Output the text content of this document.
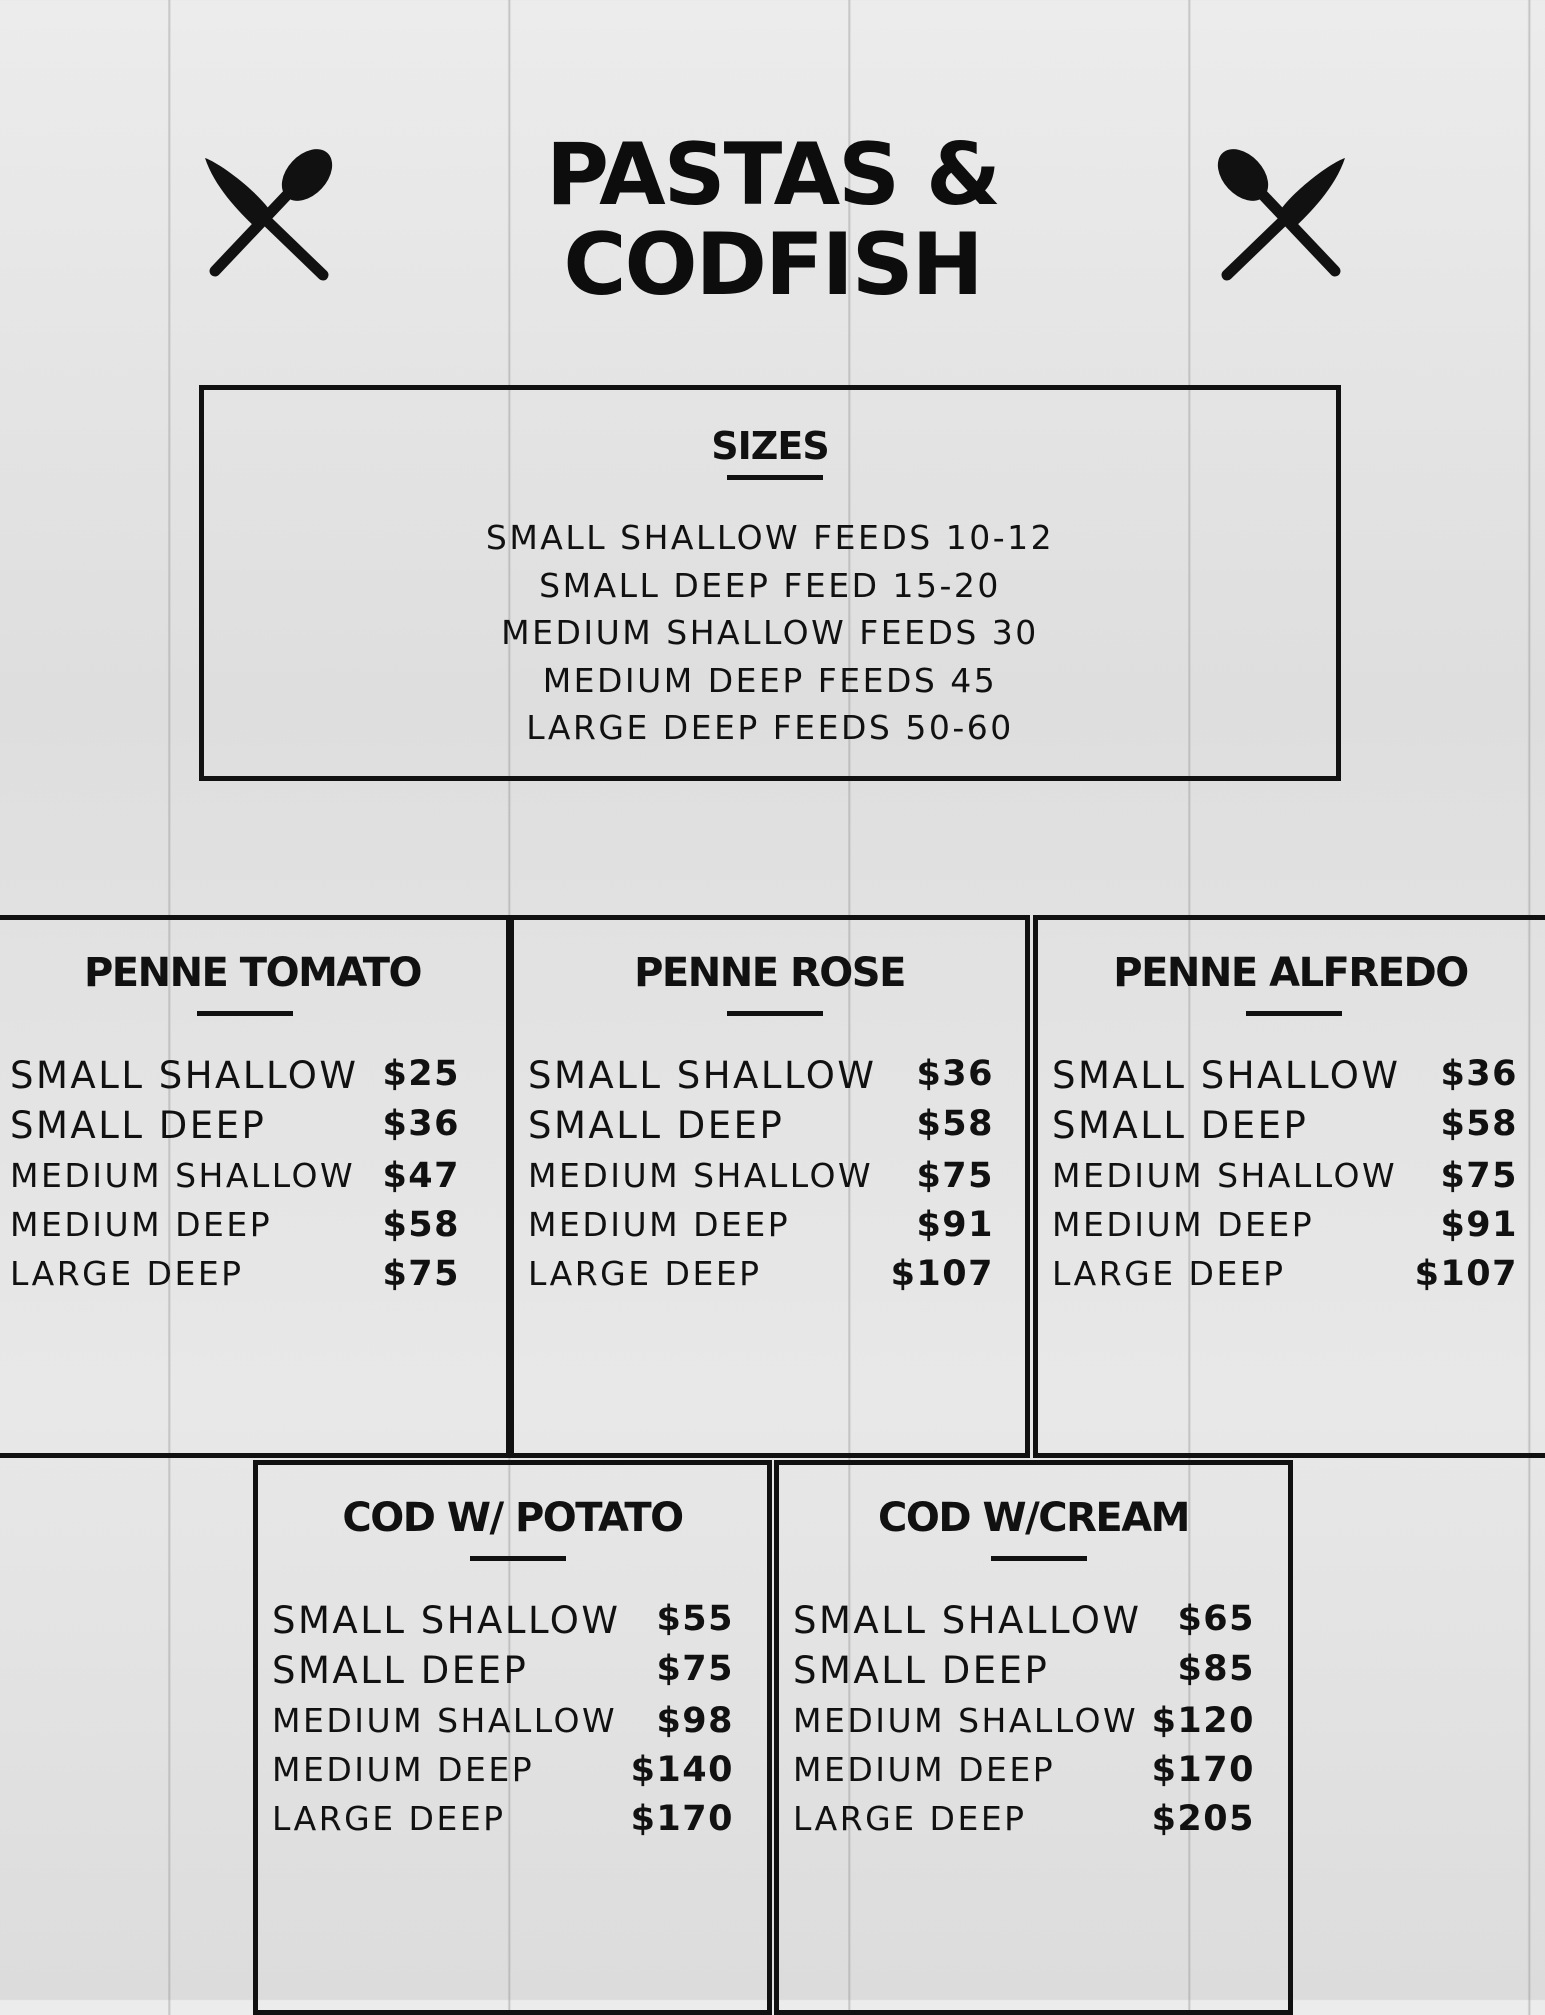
PASTAS &
CODFISH
SIZES
SMALL SHALLOW FEEDS 10-12
SMALL DEEP FEED 15-20
MEDIUM SHALLOW FEEDS 30
MEDIUM DEEP FEEDS 45
LARGE DEEP FEEDS 50-60
PENNE TOMATO
SMALL SHALLOW $25
SMALL DEEP	$36
MEDIUM SHALLOW $47
MEDIUM DEEP	$58
LARGE DEEP	$75
PENNE ROSE
SMALL SHALLOW $36
SMALL DEEP	$58
MEDIUM SHALLOW $75
MEDIUM DEEP	$91
LARGE DEEP	$107
PENNE ALFREDO
SMALL SHALLOW $36
SMALL DEEP	$58
MEDIUM SHALLOW $75
MEDIUM DEEP	$91
LARGE DEEP	$107
COD W/ POTATO
SMALL SHALLOW $55
SMALL DEEP	$75
MEDIUM SHALLOW $98
MEDIUM DEEP	$140
LARGE DEEP	$170
COD W/CREAM
SMALL SHALLOW $65
SMALL DEEP	$85
MEDIUM SHALLOW $120
MEDIUM DEEP	$170
LARGE DEEP	$205
